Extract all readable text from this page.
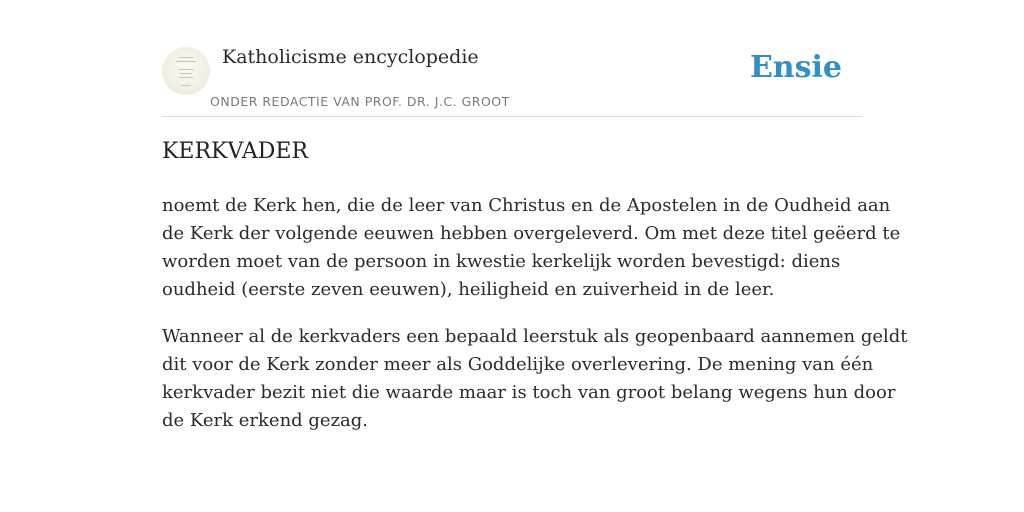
Katholicisme encyclopedie
ONDER REDACTIE VAN PROF. DR. J.C. GROOT
Ensie
KERKVADER

noemt de Kerk hen, die de leer van Christus en de Apostelen in de Oudheid aan
de Kerk der volgende eeuwen hebben overgeleverd. Om met deze titel geëerd te
worden moet van de persoon in kwestie kerkelijk worden bevestigd: diens
oudheid (eerste zeven eeuwen), heiligheid en zuiverheid in de leer.

Wanneer al de kerkvaders een bepaald leerstuk als geopenbaard aannemen geldt
dit voor de Kerk zonder meer als Goddelijke overlevering. De mening van één
kerkvader bezit niet die waarde maar is toch van groot belang wegens hun door
de Kerk erkend gezag.
